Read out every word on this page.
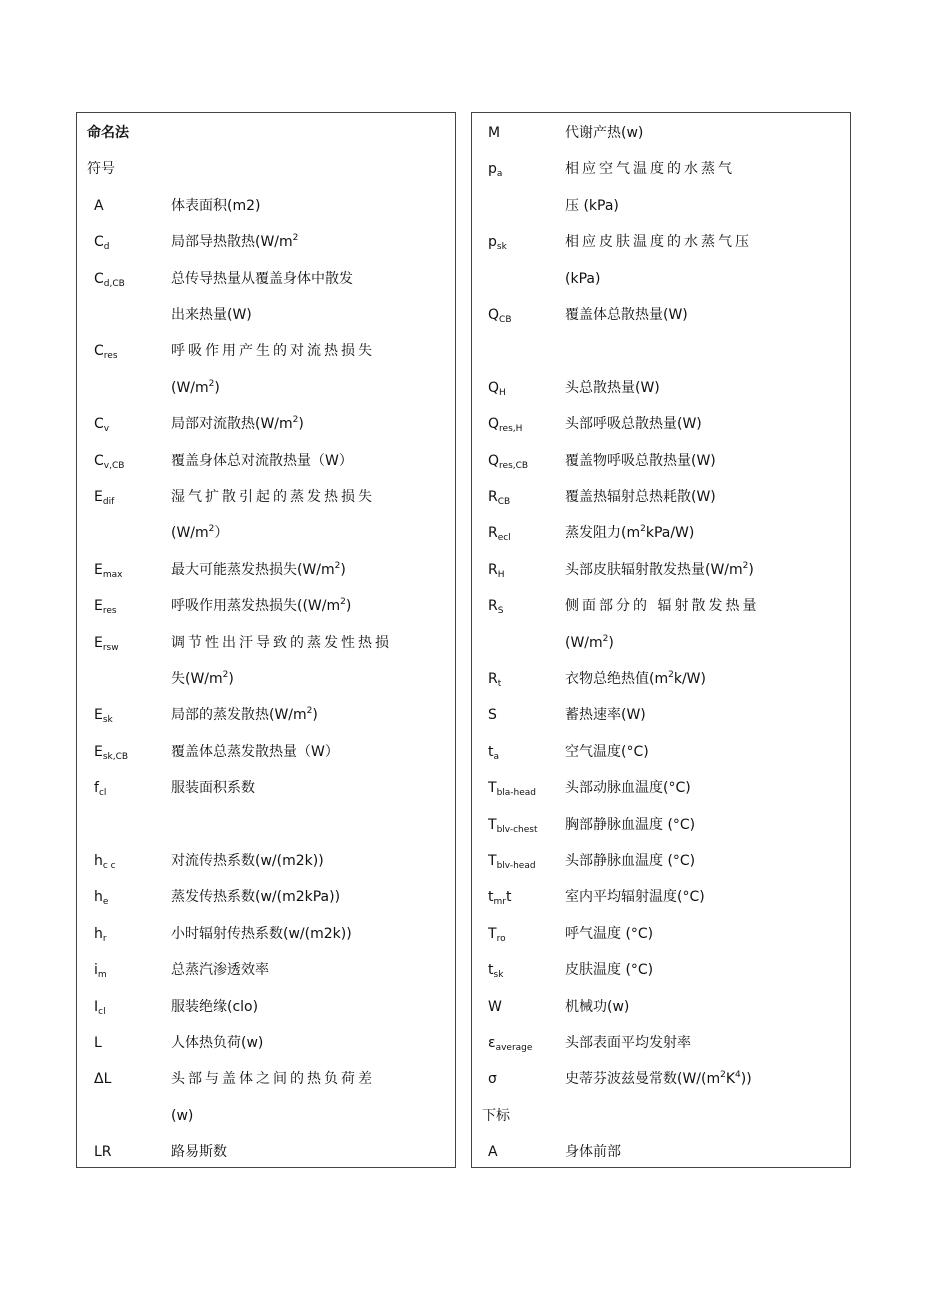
命名法
符号
A	体表面积(m2)
$C_d$	局部导热散热($W/m^2$
$C_{d,CB}$	总传导热量从覆盖身体中散发
出来热量(W)
$C_{res}$	呼吸作用产生的对流热损失
$(W/m^2)$
$C_v$	局部对流散热$(W/m^2)$
$C_{v,CB}$	覆盖身体总对流散热量（W）
$E_{dif}$	湿气扩散引起的蒸发热损失
$(W/m^2)$
$E_{max}$	最大可能蒸发热损失$(W/m^2)$
$E_{res}$	呼吸作用蒸发热损失($(W/m^2)$
$E_{rsw}$	调节性出汗导致的蒸发性热损
失$(W/m^2)$
$E_{sk}$	局部的蒸发散热$(W/m^2)$
$E_{sk,CB}$	覆盖体总蒸发散热量（W）
$f_{cl}$	服装面积系数
$h_{c c}$	对流传热系数(w/(m2k))
$h_e$	蒸发传热系数(w/(m2kPa))
$h_r$	小时辐射传热系数(w/(m2k))
$i_m$	总蒸汽渗透效率
$I_{cl}$	服装绝缘(clo)
L	人体热负荷(w)
ΔL	头部与盖体之间的热负荷差
(w)
LR	路易斯数
M	代谢产热(w)
$p_a$	相应空气温度的水蒸气
压 (kPa)
$p_{sk}$	相应皮肤温度的水蒸气压
(kPa)
$Q_{CB}$	覆盖体总散热量(W)
$Q_H$	头总散热量(W)
$Q_{res,H}$	头部呼吸总散热量(W)
$Q_{res,CB}$	覆盖物呼吸总散热量(W)
$R_{CB}$	覆盖热辐射总热耗散(W)
$R_{ecl}$	蒸发阻力$(m^2kPa/W)$
$R_H$	头部皮肤辐射散发热量$(W/m^2)$
$R_S$	侧面部分的 辐射散发热量
$(W/m^2)$
$R_t$	衣物总绝热值$(m^2k/W)$
S	蓄热速率(W)
$t_a$	空气温度(°C)
$T_{bla-head}$ 头部动脉血温度(°C)
$T_{blv-chest}$ 胸部静脉血温度 (°C)
$T_{blv-head}$ 头部静脉血温度 (°C)
$t_{mr}t$	室内平均辐射温度(°C)
$T_{ro}$	呼气温度 (°C)
$t_{sk}$	皮肤温度 (°C)
W	机械功(w)
$\varepsilon_{average}$ 头部表面平均发射率
σ	史蒂芬波兹曼常数$(W/(m^2K^4))$
下标
A	身体前部
